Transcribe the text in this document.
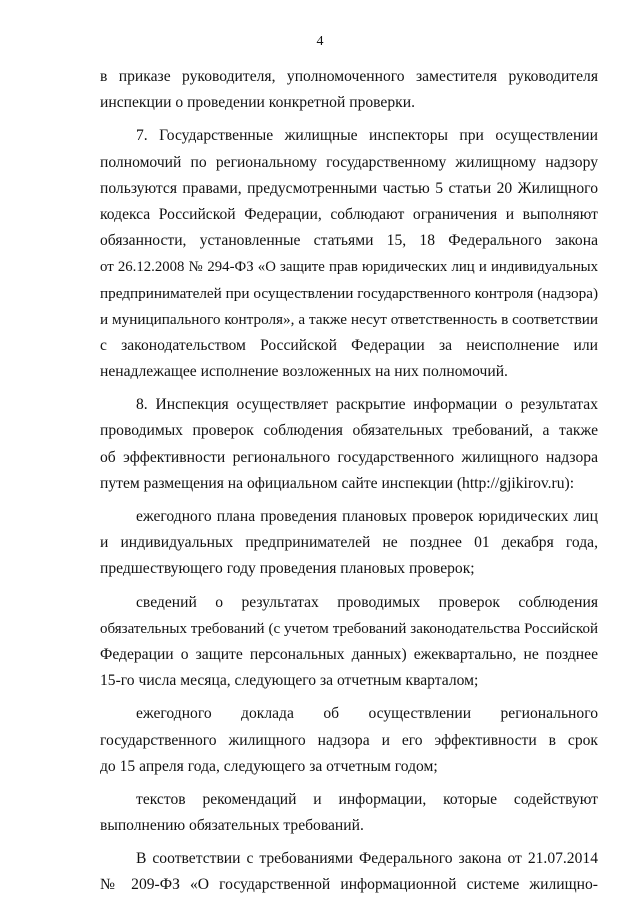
4
в приказе руководителя, уполномоченного заместителя руководителя
инспекции о проведении конкретной проверки.
7. Государственные жилищные инспекторы при осуществлении
полномочий по региональному государственному жилищному надзору
пользуются правами, предусмотренными частью 5 статьи 20 Жилищного
кодекса Российской Федерации, соблюдают ограничения и выполняют
обязанности, установленные статьями 15, 18 Федерального закона
от 26.12.2008 № 294-ФЗ «О защите прав юридических лиц и индивидуальных
предпринимателей при осуществлении государственного контроля (надзора)
и муниципального контроля», а также несут ответственность в соответствии
с законодательством Российской Федерации за неисполнение или
ненадлежащее исполнение возложенных на них полномочий.
8. Инспекция осуществляет раскрытие информации о результатах
проводимых проверок соблюдения обязательных требований, а также
об эффективности регионального государственного жилищного надзора
путем размещения на официальном сайте инспекции (http://gjikirov.ru):
ежегодного плана проведения плановых проверок юридических лиц
и индивидуальных предпринимателей не позднее 01 декабря года,
предшествующего году проведения плановых проверок;
сведений о результатах проводимых проверок соблюдения
обязательных требований (с учетом требований законодательства Российской
Федерации о защите персональных данных) ежеквартально, не позднее
15-го числа месяца, следующего за отчетным кварталом;
ежегодного доклада об осуществлении регионального
государственного жилищного надзора и его эффективности в срок
до 15 апреля года, следующего за отчетным годом;
текстов рекомендаций и информации, которые содействуют
выполнению обязательных требований.
В соответствии с требованиями Федерального закона от 21.07.2014
№ 209-ФЗ «О государственной информационной системе жилищно-
